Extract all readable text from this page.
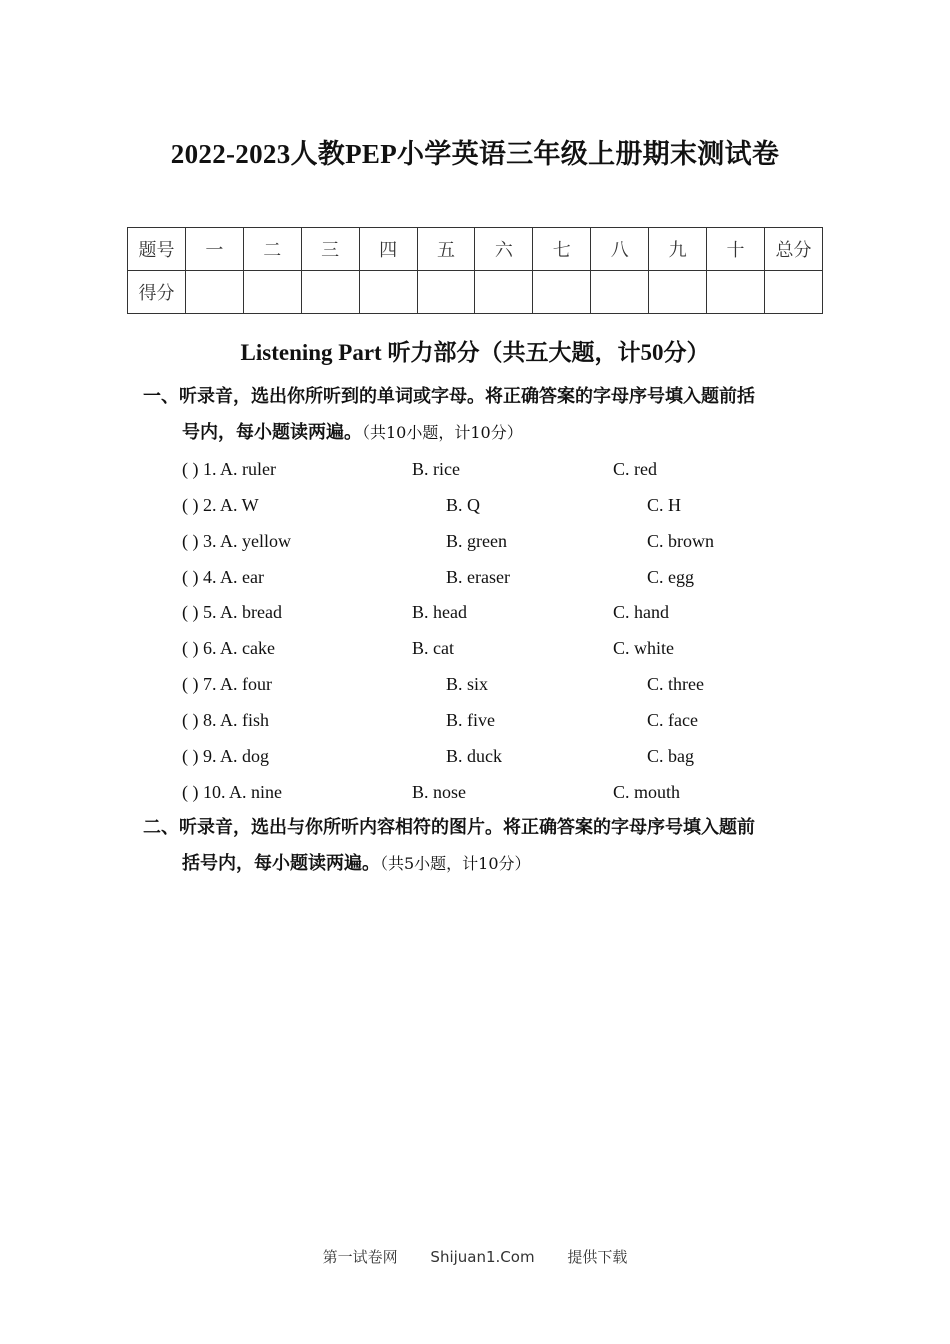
2022-2023人教PEP小学英语三年级上册期末测试卷
题号	一	二	三	四	五	六	七	八	九	十	总分
得分											
Listening Part 听力部分（共五大题，计50分）
一、听录音，选出你所听到的单词或字母。将正确答案的字母序号填入题前括
号内，每小题读两遍。（共10小题，计10分）
( ) 1. A. ruler	B. rice	C. red
( ) 2. A. W	B. Q	C. H
( ) 3. A. yellow	B. green	C. brown
( ) 4. A. ear	B. eraser	C. egg
( ) 5. A. bread	B. head	C. hand
( ) 6. A. cake	B. cat	C. white
( ) 7. A. four	B. six	C. three
( ) 8. A. fish	B. five	C. face
( ) 9. A. dog	B. duck	C. bag
( ) 10. A. nine	B. nose	C. mouth
二、听录音，选出与你所听内容相符的图片。将正确答案的字母序号填入题前
括号内，每小题读两遍。（共5小题，计10分）
第一试卷网 Shijuan1.Com 提供下载
